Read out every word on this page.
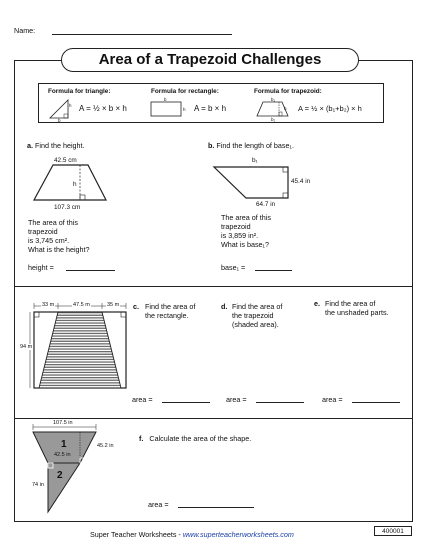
Name:
Area of a Trapezoid Challenges
Formula for triangle:	Formula for rectangle:	Formula for trapezoid:
h
b
b
h
b₁
h
b₂
A = ½ × b × h	A = b × h	A = ½ × (b₁+b₂) × h
a. Find the height.
42.5 cm
h
107.3 cm
The area of this
trapezoid
is 3,745 cm².
What is the height?
height =
b. Find the length of base₁.
b₁
45.4 in
64.7 in
The area of this
trapezoid
is 3,859 in².
What is base₁?
base₁ =
33 m	47.5 m	35 m
94 m
c. Find the area of
the rectangle.
d. Find the area of
the trapezoid
(shaded area).
e. Find the area of
the unshaded parts.
area =	area =	area =
107.5 in
45.2 in
42.5 in
74 in
1
2
f. Calculate the area of the shape.
area =
Super Teacher Worksheets - www.superteacherworksheets.com	400001
